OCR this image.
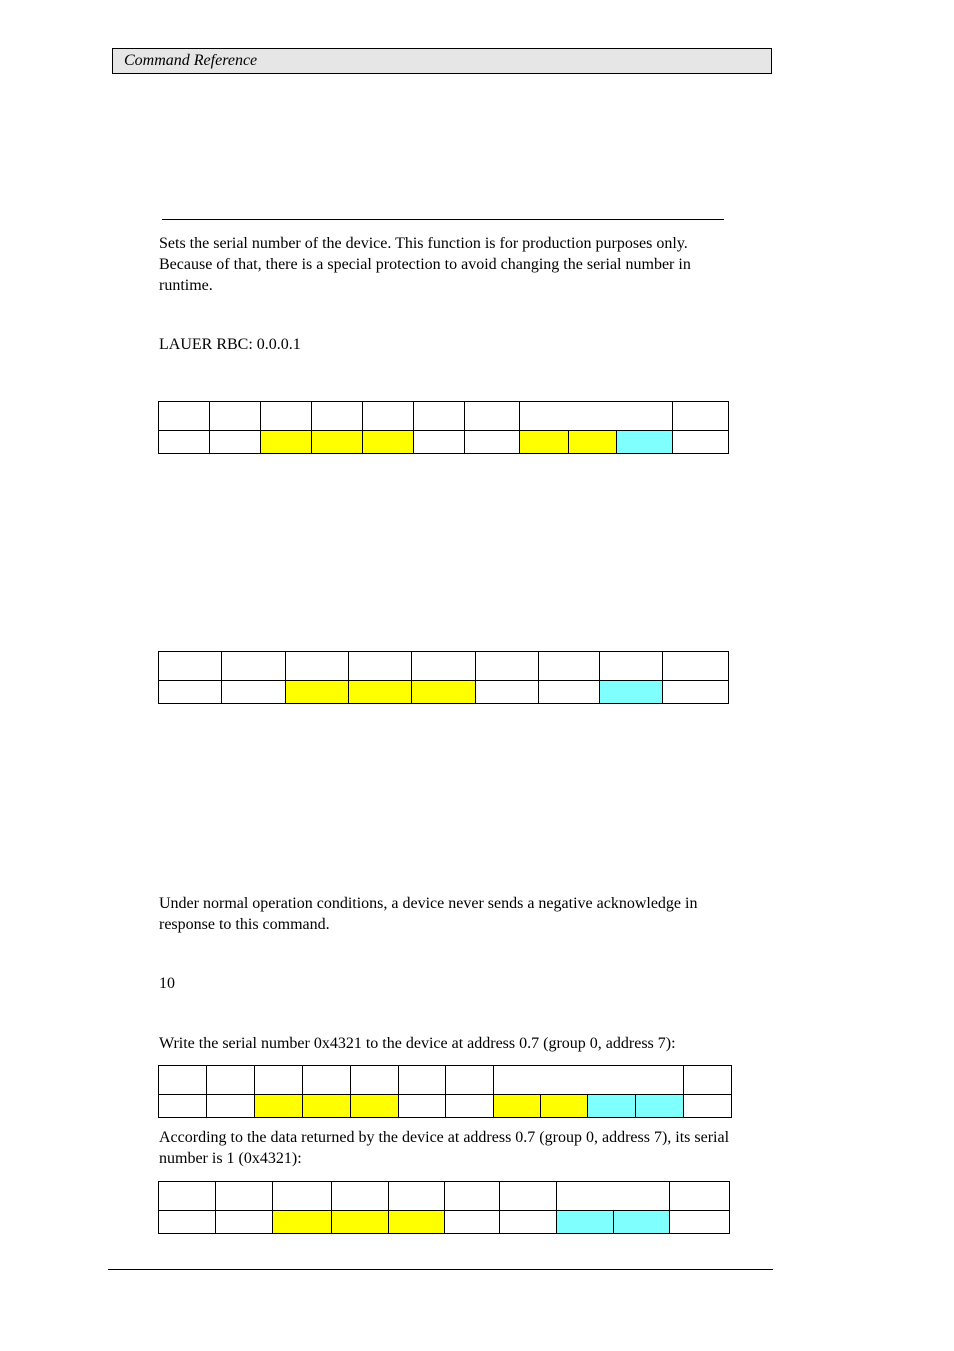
Command Reference

Sets the serial number of the device. This function is for production purposes only. Because of that, there is a special protection to avoid changing the serial number in runtime.

LAUER RBC: 0.0.0.1

Under normal operation conditions, a device never sends a negative acknowledge in response to this command.

10

Write the serial number 0x4321 to the device at address 0.7 (group 0, address 7):

According to the data returned by the device at address 0.7 (group 0, address 7), its serial number is 1 (0x4321):
